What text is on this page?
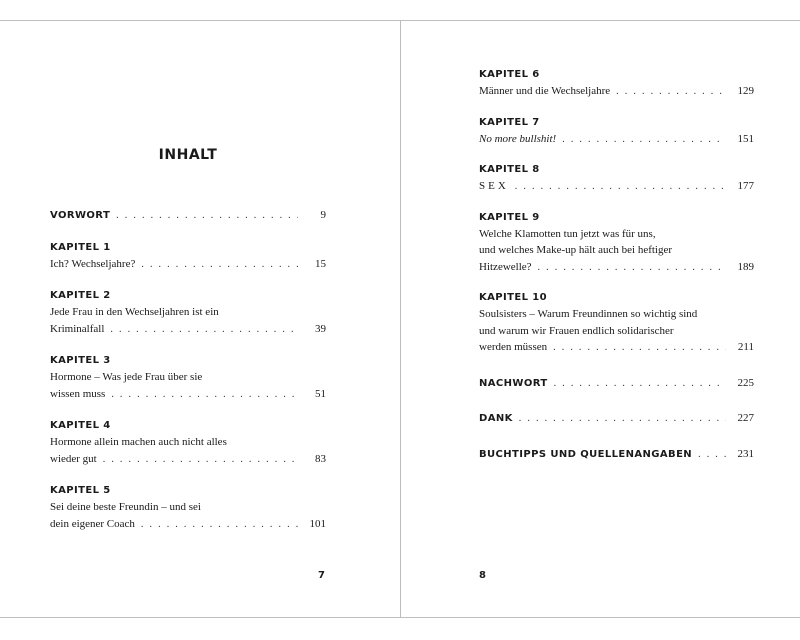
INHALT
VORWORT . . .	9
KAPITEL 1
Ich? Wechseljahre? . . .	15
KAPITEL 2
Jede Frau in den Wechseljahren ist ein
Kriminalfall . . .	39
KAPITEL 3
Hormone – Was jede Frau über sie
wissen muss . . .	51
KAPITEL 4
Hormone allein machen auch nicht alles
wieder gut . . .	83
KAPITEL 5
Sei deine beste Freundin – und sei
dein eigener Coach . . .	101
7
KAPITEL 6
Männer und die Wechseljahre . . .	129
KAPITEL 7
No more bullshit! . . .	151
KAPITEL 8
SEX . . .	177
KAPITEL 9
Welche Klamotten tun jetzt was für uns,
und welches Make-up hält auch bei heftiger
Hitzewelle? . . .	189
KAPITEL 10
Soulsisters – Warum Freundinnen so wichtig sind
und warum wir Frauen endlich solidarischer
werden müssen . . .	211
NACHWORT . . .	225
DANK . . .	227
BUCHTIPPS UND QUELLENANGABEN . . .	231
8
